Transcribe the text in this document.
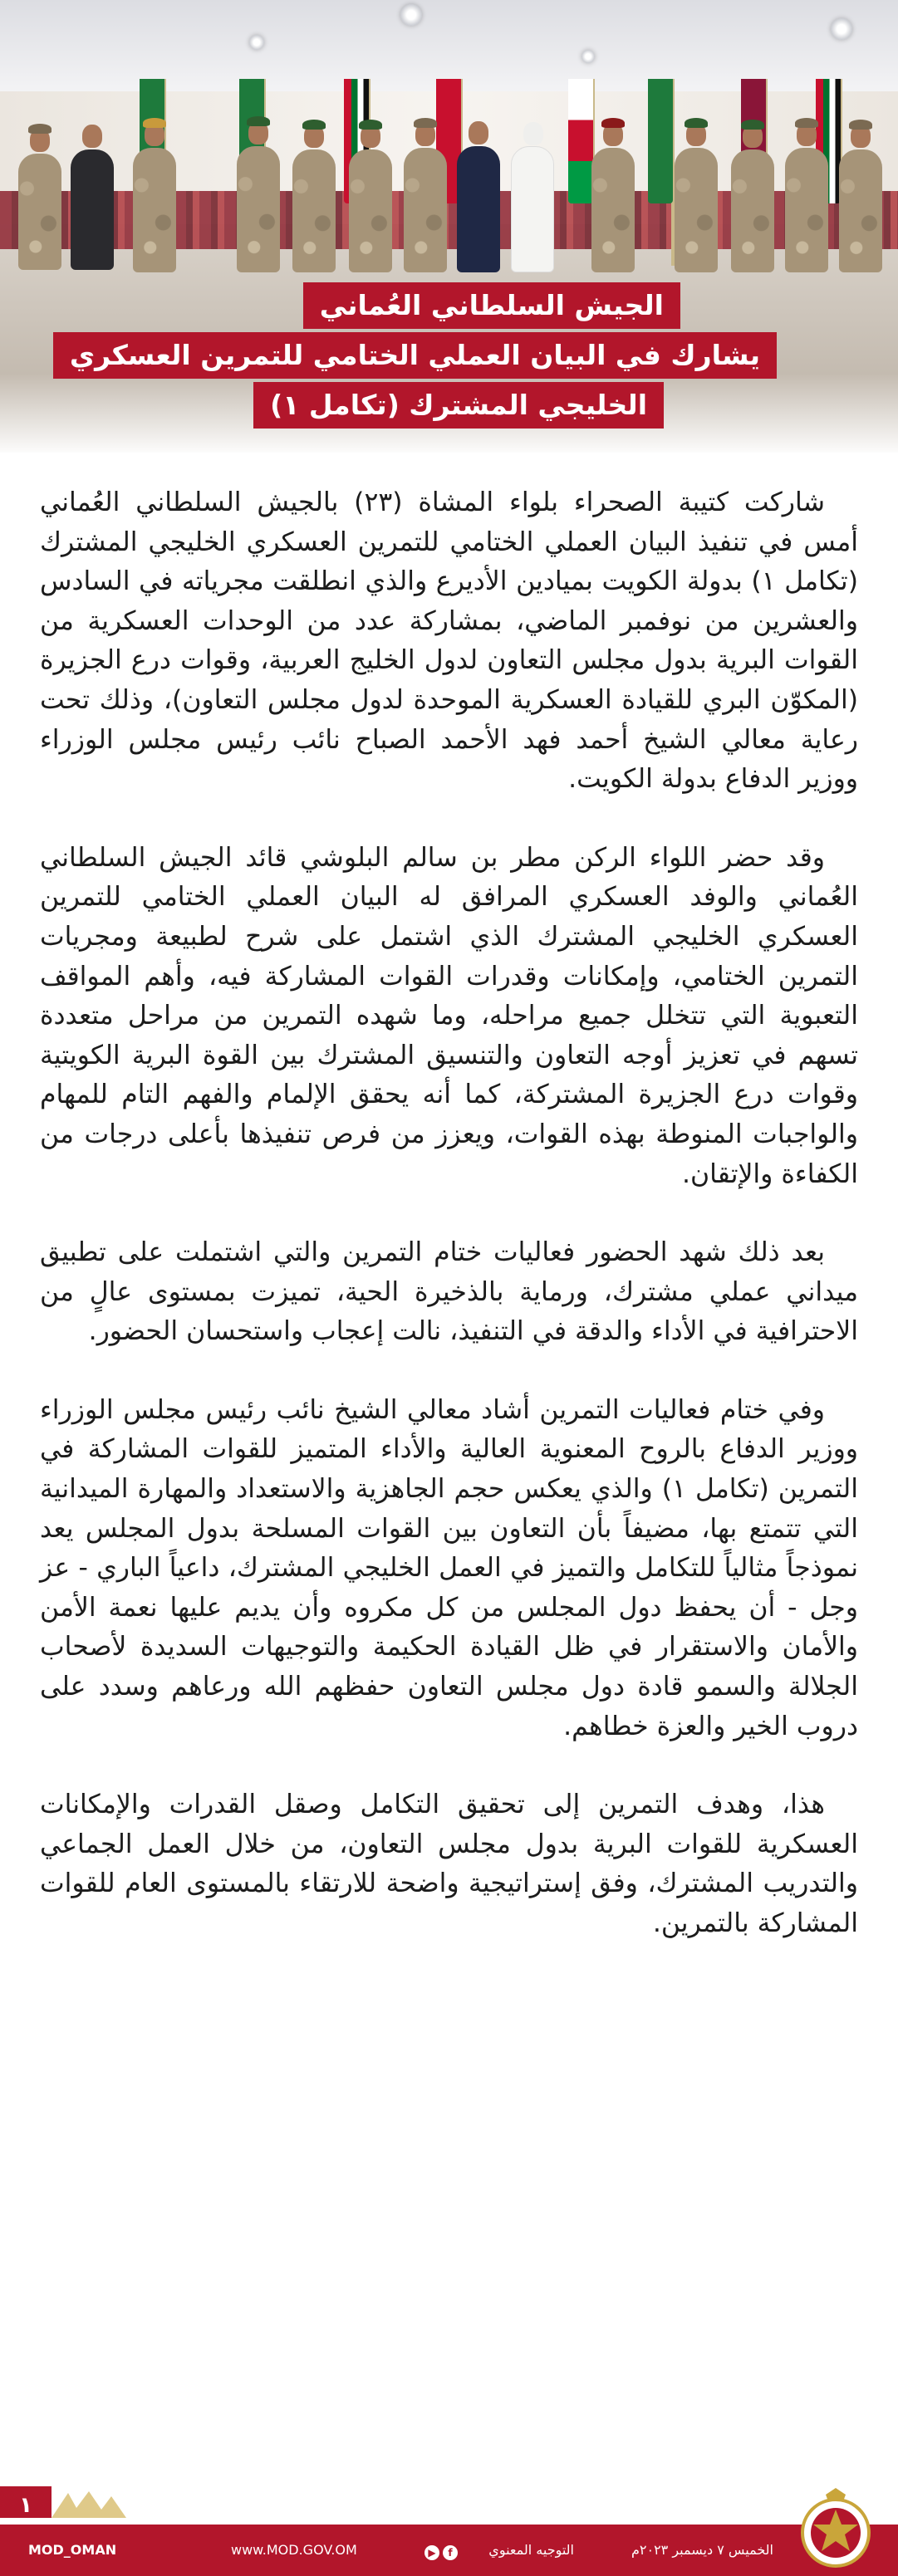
الجيش السلطاني العُماني
يشارك في البيان العملي الختامي للتمرين العسكري
الخليجي المشترك (تكامل ١)

شاركت كتيبة الصحراء بلواء المشاة (٢٣) بالجيش السلطاني العُماني أمس في تنفيذ البيان العملي الختامي للتمرين العسكري الخليجي المشترك (تكامل ١) بدولة الكويت بميادين الأديرع والذي انطلقت مجرياته في السادس والعشرين من نوفمبر الماضي، بمشاركة عدد من الوحدات العسكرية من القوات البرية بدول مجلس التعاون لدول الخليج العربية، وقوات درع الجزيرة (المكوّن البري للقيادة العسكرية الموحدة لدول مجلس التعاون)، وذلك تحت رعاية معالي الشيخ أحمد فهد الأحمد الصباح نائب رئيس مجلس الوزراء ووزير الدفاع بدولة الكويت.

وقد حضر اللواء الركن مطر بن سالم البلوشي قائد الجيش السلطاني العُماني والوفد العسكري المرافق له البيان العملي الختامي للتمرين العسكري الخليجي المشترك الذي اشتمل على شرح لطبيعة ومجريات التمرين الختامي، وإمكانات وقدرات القوات المشاركة فيه، وأهم المواقف التعبوية التي تتخلل جميع مراحله، وما شهده التمرين من مراحل متعددة تسهم في تعزيز أوجه التعاون والتنسيق المشترك بين القوة البرية الكويتية وقوات درع الجزيرة المشتركة، كما أنه يحقق الإلمام والفهم التام للمهام والواجبات المنوطة بهذه القوات، ويعزز من فرص تنفيذها بأعلى درجات من الكفاءة والإتقان.

بعد ذلك شهد الحضور فعاليات ختام التمرين والتي اشتملت على تطبيق ميداني عملي مشترك، ورماية بالذخيرة الحية، تميزت بمستوى عالٍ من الاحترافية في الأداء والدقة في التنفيذ، نالت إعجاب واستحسان الحضور.

وفي ختام فعاليات التمرين أشاد معالي الشيخ نائب رئيس مجلس الوزراء ووزير الدفاع بالروح المعنوية العالية والأداء المتميز للقوات المشاركة في التمرين (تكامل ١) والذي يعكس حجم الجاهزية والاستعداد والمهارة الميدانية التي تتمتع بها، مضيفاً بأن التعاون بين القوات المسلحة بدول المجلس يعد نموذجاً مثالياً للتكامل والتميز في العمل الخليجي المشترك، داعياً الباري - عز وجل - أن يحفظ دول المجلس من كل مكروه وأن يديم عليها نعمة الأمن والأمان والاستقرار في ظل القيادة الحكيمة والتوجيهات السديدة لأصحاب الجلالة والسمو قادة دول مجلس التعاون حفظهم الله ورعاهم وسدد على دروب الخير والعزة خطاهم.

هذا، وهدف التمرين إلى تحقيق التكامل وصقل القدرات والإمكانات العسكرية للقوات البرية بدول مجلس التعاون، من خلال العمل الجماعي والتدريب المشترك، وفق إستراتيجية واضحة للارتقاء بالمستوى العام للقوات المشاركة بالتمرين.

١
الخميس ٧ ديسمبر ٢٠٢٣م
التوجيه المعنوي
f▶
www.MOD.GOV.OM
MOD_OMAN
